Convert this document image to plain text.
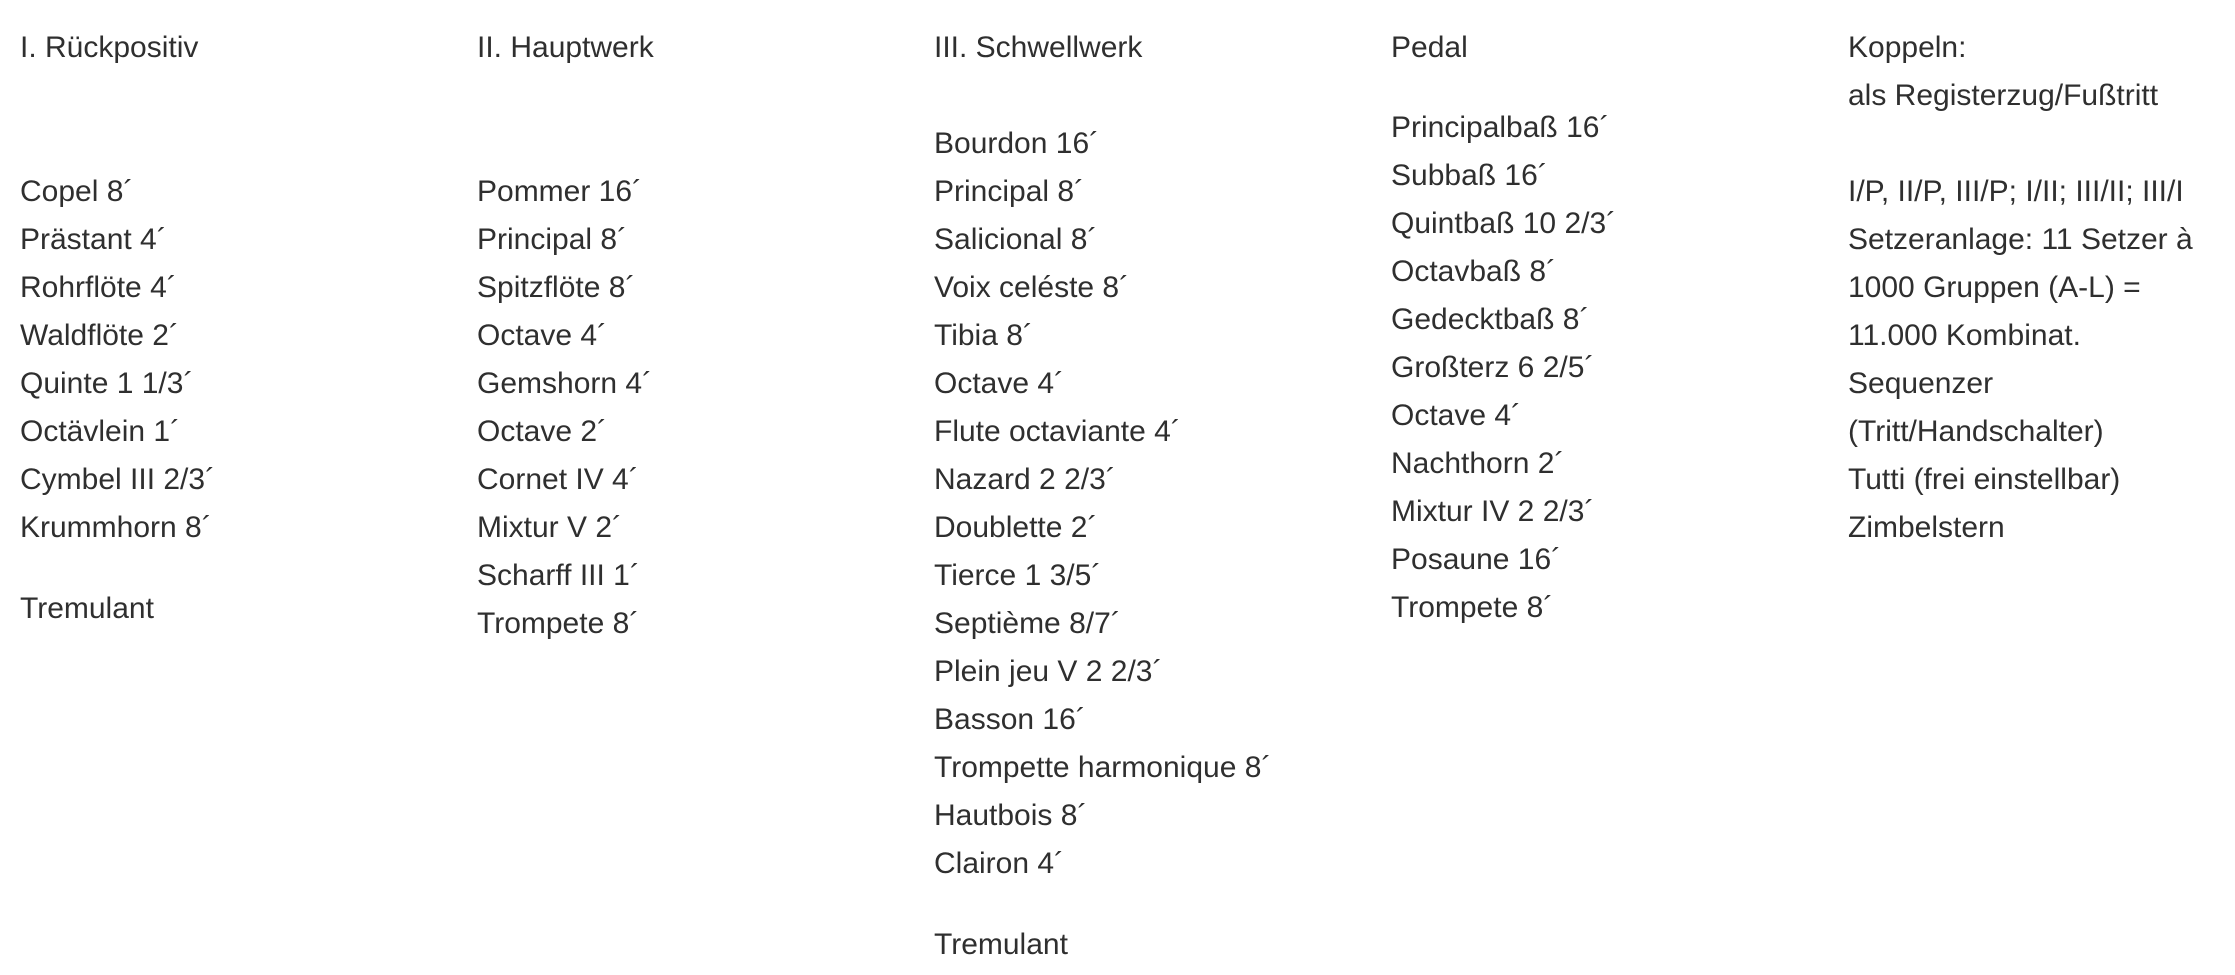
I. Rückpositiv
Copel 8´
Prästant 4´
Rohrflöte 4´
Waldflöte 2´
Quinte 1 1/3´
Octävlein 1´
Cymbel III 2/3´
Krummhorn 8´
Tremulant
II. Hauptwerk
Pommer 16´
Principal 8´
Spitzflöte 8´
Octave 4´
Gemshorn 4´
Octave 2´
Cornet IV 4´
Mixtur V 2´
Scharff III 1´
Trompete 8´
III. Schwellwerk
Bourdon 16´
Principal 8´
Salicional 8´
Voix celéste 8´
Tibia 8´
Octave 4´
Flute octaviante 4´
Nazard 2 2/3´
Doublette 2´
Tierce 1 3/5´
Septième 8/7´
Plein jeu V 2 2/3´
Basson 16´
Trompette harmonique 8´
Hautbois 8´
Clairon 4´
Tremulant
Pedal
Principalbaß 16´
Subbaß 16´
Quintbaß 10 2/3´
Octavbaß 8´
Gedecktbaß 8´
Großterz 6 2/5´
Octave 4´
Nachthorn 2´
Mixtur IV 2 2/3´
Posaune 16´
Trompete 8´
Koppeln:
als Registerzug/Fußtritt
I/P, II/P, III/P; I/II; III/II; III/I
Setzeranlage: 11 Setzer à 1000 Gruppen (A-L) = 11.000 Kombinat.
Sequenzer (Tritt/Handschalter)
Tutti (frei einstellbar)
Zimbelstern
